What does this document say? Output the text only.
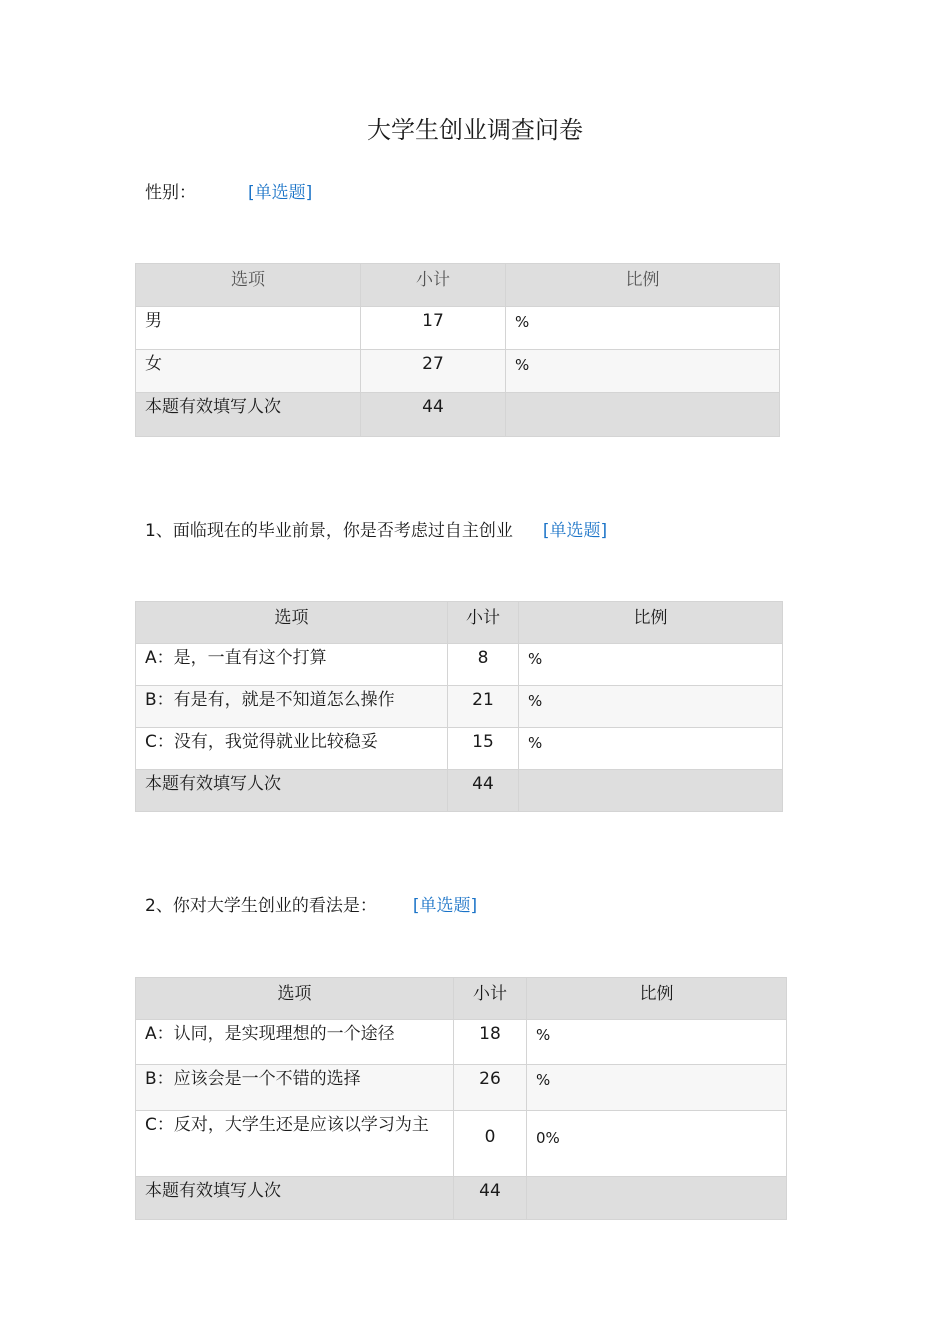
大学生创业调查问卷
性别：	[单选题]
选项	小计	比例
男	17	%
女	27	%
本题有效填写人次	44	
1、面临现在的毕业前景，你是否考虑过自主创业 [单选题]
选项	小计	比例
A：是，一直有这个打算	8	%
B：有是有，就是不知道怎么操作	21	%
C：没有，我觉得就业比较稳妥	15	%
本题有效填写人次	44	
2、你对大学生创业的看法是： [单选题]
选项	小计	比例
A：认同，是实现理想的一个途径	18	%
B：应该会是一个不错的选择	26	%
C：反对，大学生还是应该以学习为主	0	0%
本题有效填写人次	44	
